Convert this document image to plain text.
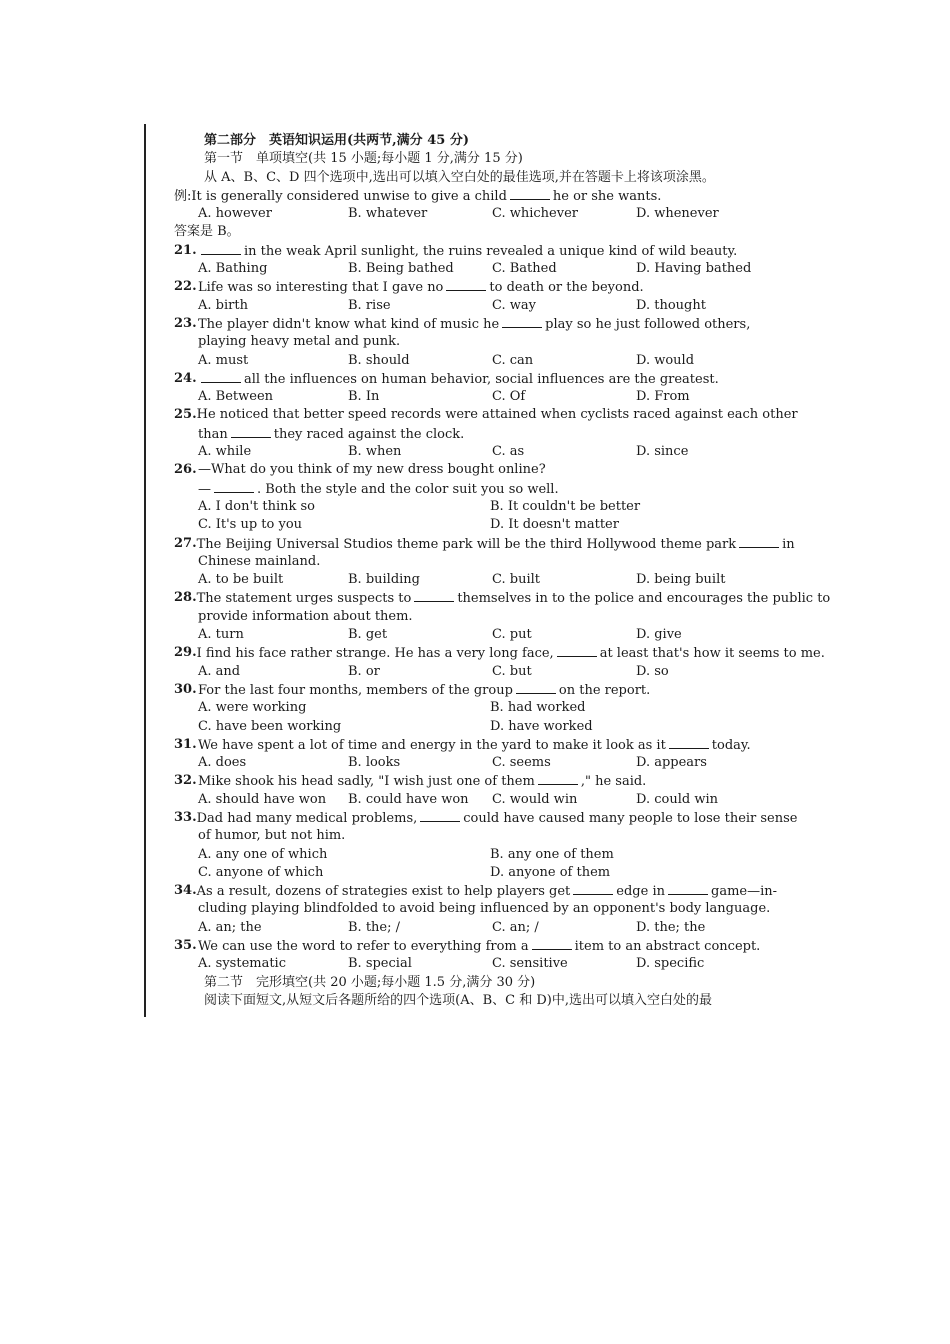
第二部分　英语知识运用(共两节,满分 45 分)
第一节　单项填空(共 15 小题;每小题 1 分,满分 15 分)
从 A、B、C、D 四个选项中,选出可以填入空白处的最佳选项,并在答题卡上将该项涂黑。
例:It is generally considered unwise to give a child	he or she wants.
A. however	B. whatever	C. whichever	D. whenever
答案是 B。
21.	in the weak April sunlight, the ruins revealed a unique kind of wild beauty.
A. Bathing	B. Being bathed	C. Bathed	D. Having bathed
22. Life was so interesting that I gave no	to death or the beyond.
A. birth	B. rise	C. way	D. thought
23. The player didn't know what kind of music he	play so he just followed others,
playing heavy metal and punk.
A. must	B. should	C. can	D. would
24.	all the influences on human behavior, social influences are the greatest.
A. Between	B. In	C. Of	D. From
25. He noticed that better speed records were attained when cyclists raced against each other
than	they raced against the clock.
A. while	B. when	C. as	D. since
26. —What do you think of my new dress bought online?
—	. Both the style and the color suit you so well.
A. I don't think so	B. It couldn't be better
C. It's up to you	D. It doesn't matter
27. The Beijing Universal Studios theme park will be the third Hollywood theme park	in
Chinese mainland.
A. to be built	B. building	C. built	D. being built
28. The statement urges suspects to	themselves in to the police and encourages the public to
provide information about them.
A. turn	B. get	C. put	D. give
29. I find his face rather strange. He has a very long face,	at least that's how it seems to me.
A. and	B. or	C. but	D. so
30. For the last four months, members of the group	on the report.
A. were working	B. had worked
C. have been working	D. have worked
31. We have spent a lot of time and energy in the yard to make it look as it	today.
A. does	B. looks	C. seems	D. appears
32. Mike shook his head sadly, "I wish just one of them	," he said.
A. should have won B. could have won C. would win	D. could win
33. Dad had many medical problems,	could have caused many people to lose their sense
of humor, but not him.
A. any one of which	B. any one of them
C. anyone of which	D. anyone of them
34. As a result, dozens of strategies exist to help players get	edge in	game—in-
cluding playing blindfolded to avoid being influenced by an opponent's body language.
A. an; the	B. the; /	C. an; /	D. the; the
35. We can use the word to refer to everything from a	item to an abstract concept.
A. systematic	B. special	C. sensitive	D. specific
第二节　完形填空(共 20 小题;每小题 1.5 分,满分 30 分)
阅读下面短文,从短文后各题所给的四个选项(A、B、C 和 D)中,选出可以填入空白处的最
